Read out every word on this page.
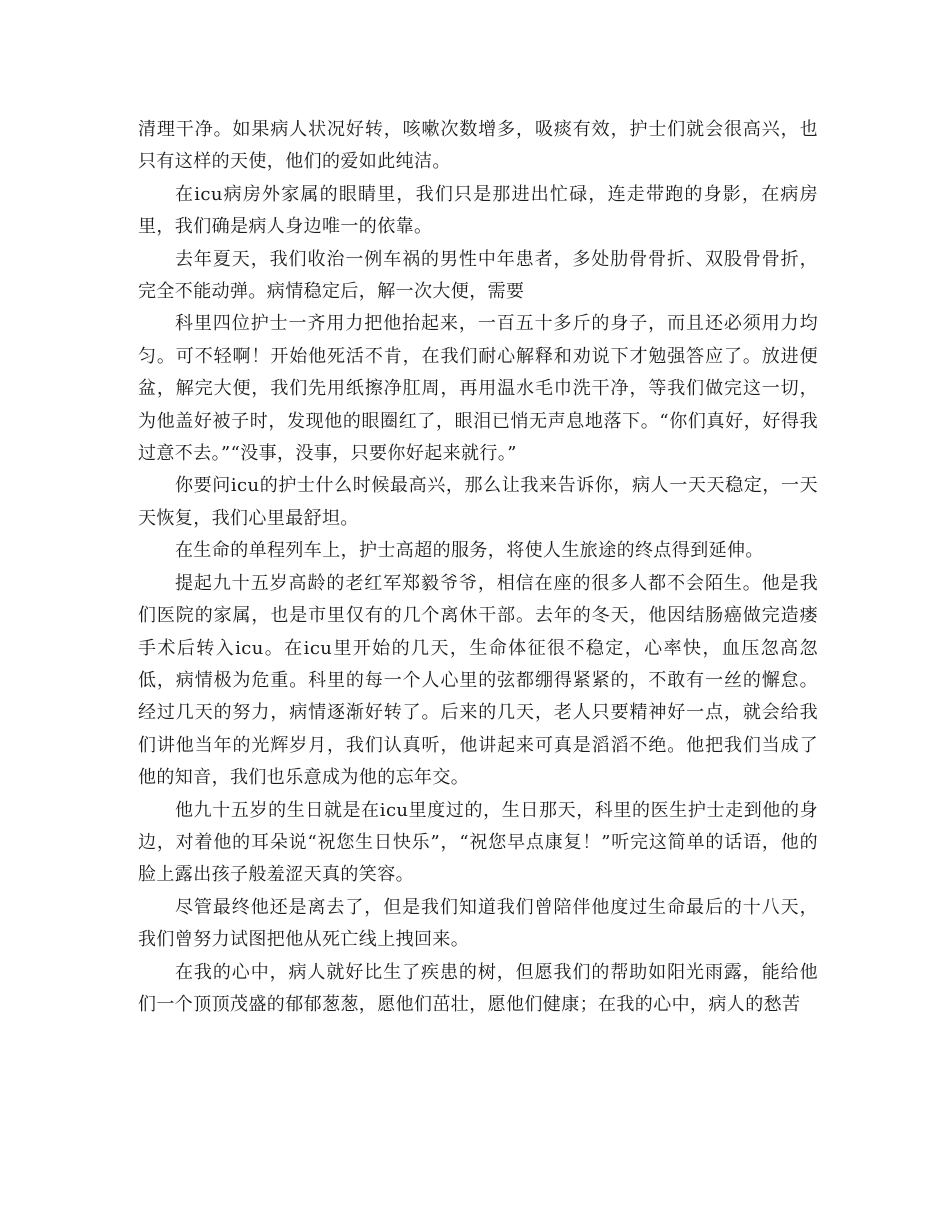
清理干净。如果病人状况好转，咳嗽次数增多，吸痰有效，护士们就会很高兴，也只有这样的天使，他们的爱如此纯洁。

在icu病房外家属的眼睛里，我们只是那进出忙碌，连走带跑的身影，在病房里，我们确是病人身边唯一的依靠。

去年夏天，我们收治一例车祸的男性中年患者，多处肋骨骨折、双股骨骨折，完全不能动弹。病情稳定后，解一次大便，需要

科里四位护士一齐用力把他抬起来，一百五十多斤的身子，而且还必须用力均匀。可不轻啊！开始他死活不肯，在我们耐心解释和劝说下才勉强答应了。放进便盆，解完大便，我们先用纸擦净肛周，再用温水毛巾洗干净，等我们做完这一切，为他盖好被子时，发现他的眼圈红了，眼泪已悄无声息地落下。“你们真好，好得我过意不去。”“没事，没事，只要你好起来就行。”

你要问icu的护士什么时候最高兴，那么让我来告诉你，病人一天天稳定，一天天恢复，我们心里最舒坦。

在生命的单程列车上，护士高超的服务，将使人生旅途的终点得到延伸。

提起九十五岁高龄的老红军郑毅爷爷，相信在座的很多人都不会陌生。他是我们医院的家属，也是市里仅有的几个离休干部。去年的冬天，他因结肠癌做完造瘘手术后转入icu。在icu里开始的几天，生命体征很不稳定，心率快，血压忽高忽低，病情极为危重。科里的每一个人心里的弦都绷得紧紧的，不敢有一丝的懈怠。经过几天的努力，病情逐渐好转了。后来的几天，老人只要精神好一点，就会给我们讲他当年的光辉岁月，我们认真听，他讲起来可真是滔滔不绝。他把我们当成了他的知音，我们也乐意成为他的忘年交。

他九十五岁的生日就是在icu里度过的，生日那天，科里的医生护士走到他的身边，对着他的耳朵说“祝您生日快乐”，“祝您早点康复！”听完这简单的话语，他的脸上露出孩子般羞涩天真的笑容。

尽管最终他还是离去了，但是我们知道我们曾陪伴他度过生命最后的十八天，我们曾努力试图把他从死亡线上拽回来。

在我的心中，病人就好比生了疾患的树，但愿我们的帮助如阳光雨露，能给他们一个顶顶茂盛的郁郁葱葱，愿他们茁壮，愿他们健康；在我的心中，病人的愁苦
